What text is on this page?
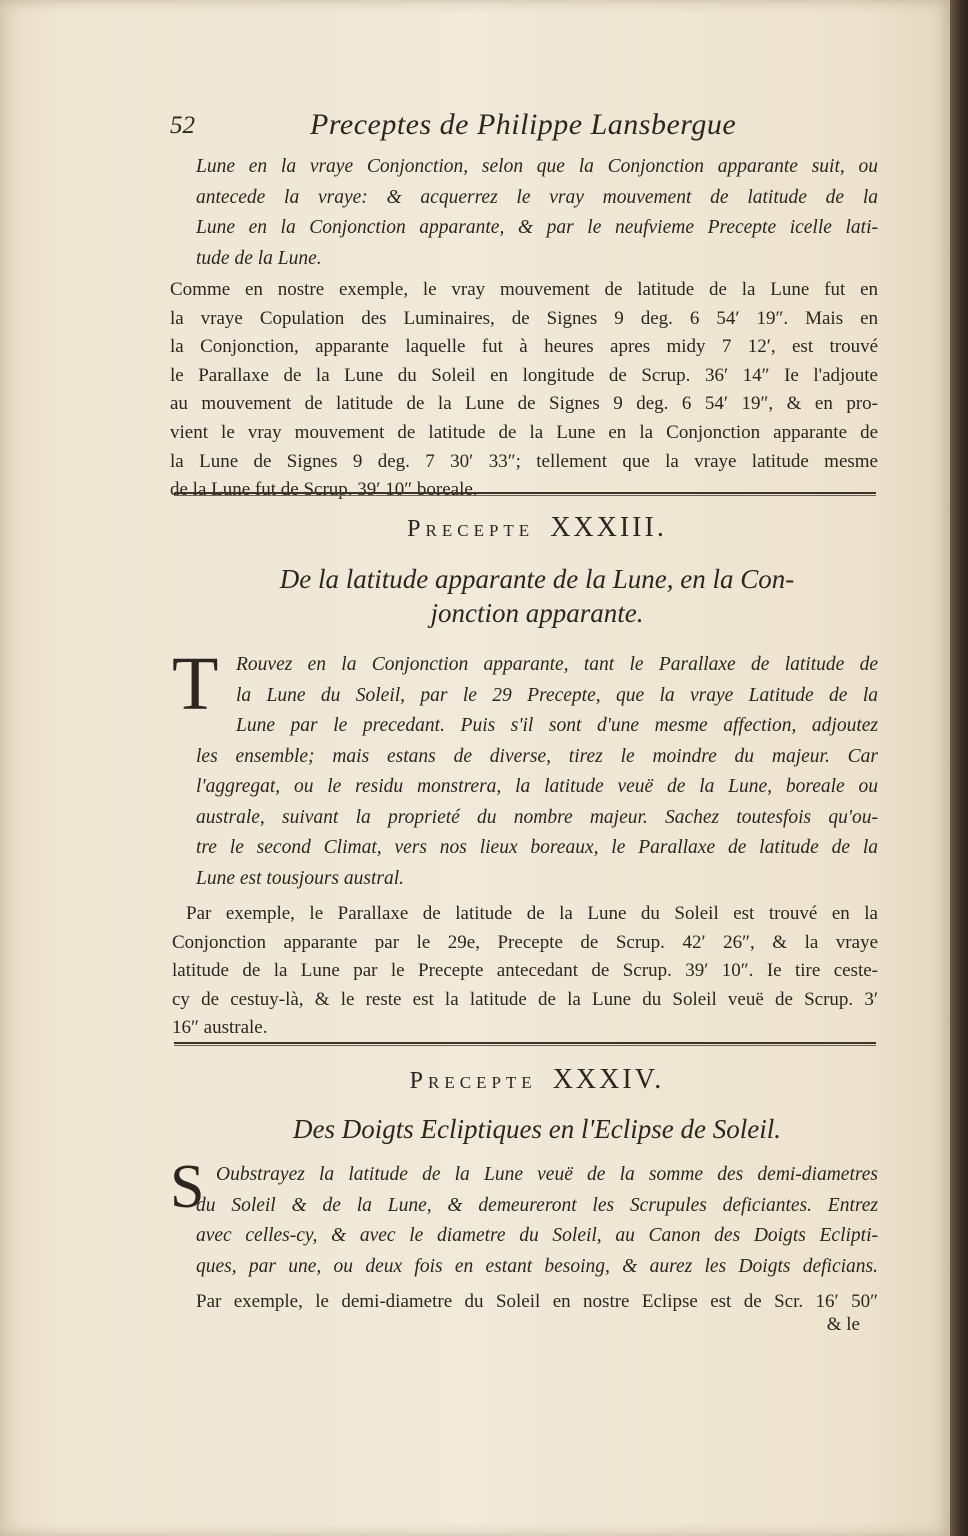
52	Preceptes de Philippe Lansbergue
Lune en la vraye Conjonction, selon que la Conjonction apparante suit, ou
antecede la vraye: & acquerrez le vray mouvement de latitude de la
Lune en la Conjonction apparante, & par le neufvieme Precepte icelle lati-
tude de la Lune.
Comme en nostre exemple, le vray mouvement de latitude de la Lune fut en
la vraye Copulation des Luminaires, de Signes 9 deg. 6 54′ 19″. Mais en
la Conjonction, apparante laquelle fut à heures apres midy 7 12′, est trouvé
le Parallaxe de la Lune du Soleil en longitude de Scrup. 36′ 14″ Ie l'adjoute
au mouvement de latitude de la Lune de Signes 9 deg. 6 54′ 19″, & en pro-
vient le vray mouvement de latitude de la Lune en la Conjonction apparante de
la Lune de Signes 9 deg. 7 30′ 33″; tellement que la vraye latitude mesme
de la Lune fut de Scrup. 39′ 10″ boreale.
Precepte XXXIII.
De la latitude apparante de la Lune, en la Con-
jonction apparante.
T Rouvez en la Conjonction apparante, tant le Parallaxe de latitude de
la Lune du Soleil, par le 29 Precepte, que la vraye Latitude de la
Lune par le precedant. Puis s'il sont d'une mesme affection, adjoutez
les ensemble; mais estans de diverse, tirez le moindre du majeur. Car
l'aggregat, ou le residu monstrera, la latitude veuë de la Lune, boreale ou
australe, suivant la proprieté du nombre majeur. Sachez toutesfois qu'ou-
tre le second Climat, vers nos lieux boreaux, le Parallaxe de latitude de la
Lune est tousjours austral.
Par exemple, le Parallaxe de latitude de la Lune du Soleil est trouvé en la
Conjonction apparante par le 29e, Precepte de Scrup. 42′ 26″, & la vraye
latitude de la Lune par le Precepte antecedant de Scrup. 39′ 10″. Ie tire ceste-
cy de cestuy-là, & le reste est la latitude de la Lune du Soleil veuë de Scrup. 3′
16″ australe.
Precepte XXXIV.
Des Doigts Ecliptiques en l'Eclipse de Soleil.
S Oubstrayez la latitude de la Lune veuë de la somme des demi-diametres
du Soleil & de la Lune, & demeureront les Scrupules deficiantes. Entrez
avec celles-cy, & avec le diametre du Soleil, au Canon des Doigts Eclipti-
ques, par une, ou deux fois en estant besoing, & aurez les Doigts deficians.
Par exemple, le demi-diametre du Soleil en nostre Eclipse est de Scr. 16′ 50″
& le
